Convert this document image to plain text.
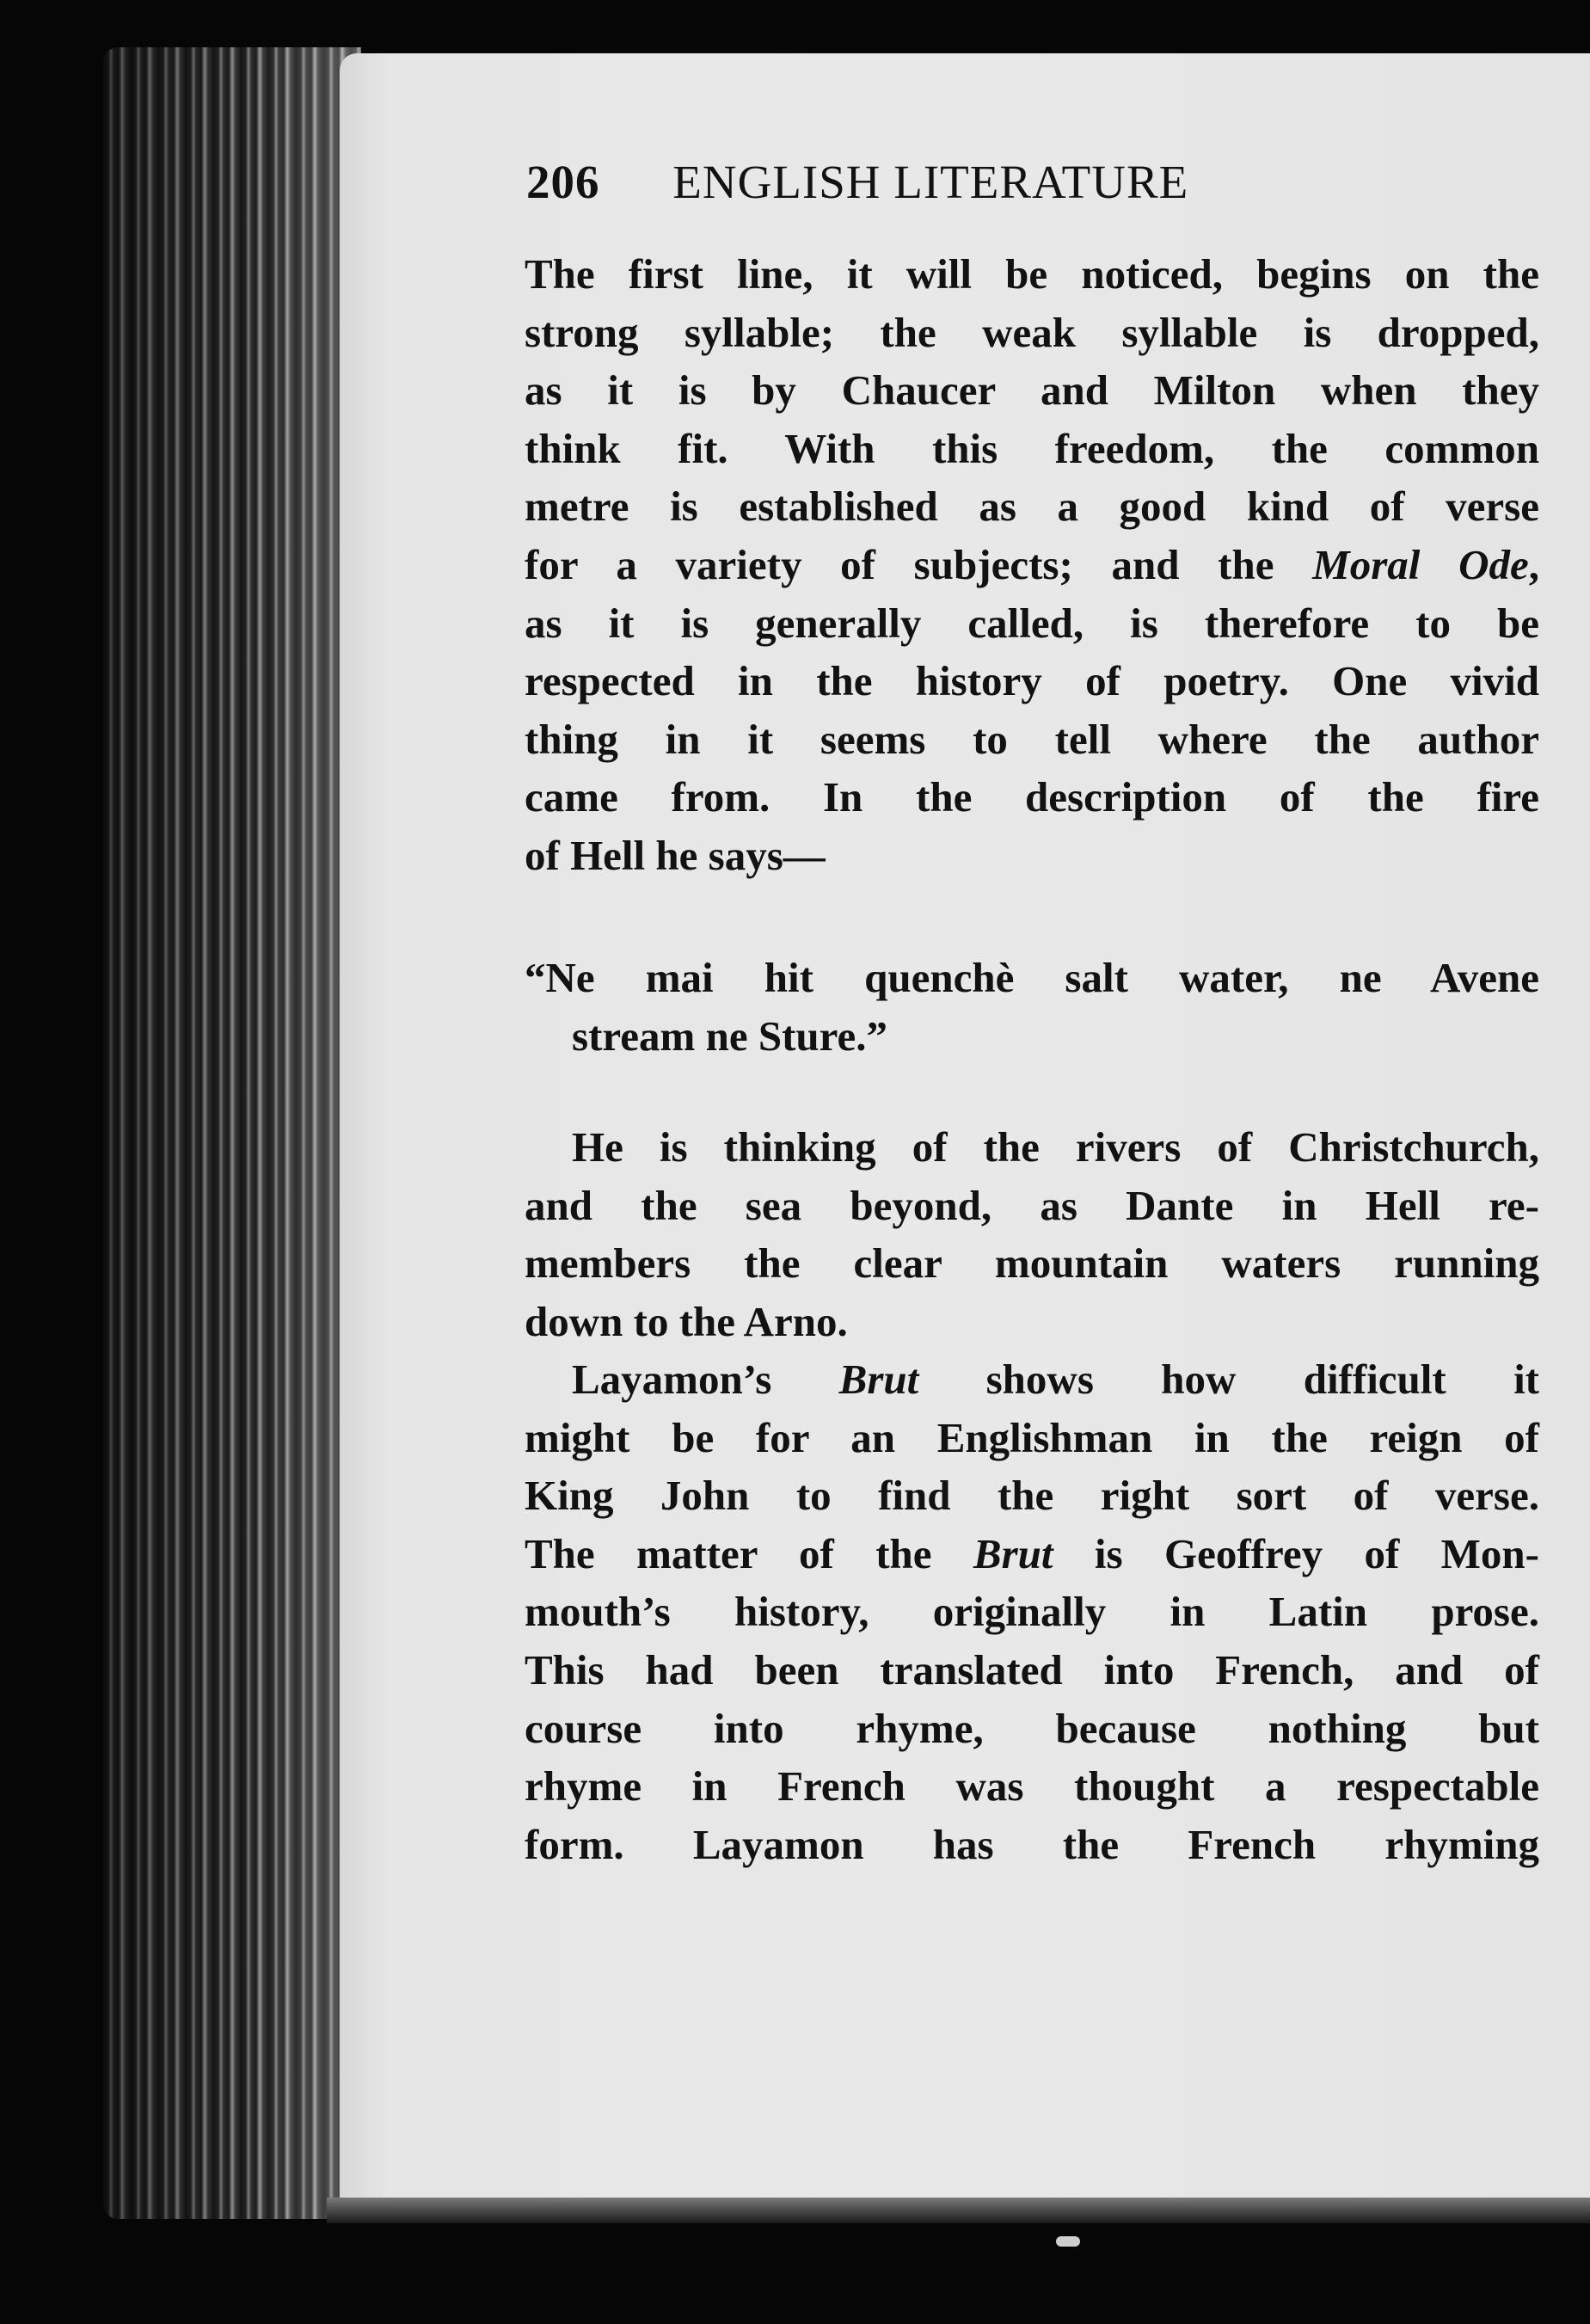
206 ENGLISH LITERATURE
The first line, it will be noticed, begins on the
strong syllable; the weak syllable is dropped,
as it is by Chaucer and Milton when they
think fit. With this freedom, the common
metre is established as a good kind of verse
for a variety of subjects; and the Moral Ode,
as it is generally called, is therefore to be
respected in the history of poetry. One vivid
thing in it seems to tell where the author
came from. In the description of the fire
of Hell he says—
“Ne mai hit quenchè salt water, ne Avene
stream ne Sture.”
He is thinking of the rivers of Christchurch,
and the sea beyond, as Dante in Hell re-
members the clear mountain waters running
down to the Arno.
Layamon’s Brut shows how difficult it
might be for an Englishman in the reign of
King John to find the right sort of verse.
The matter of the Brut is Geoffrey of Mon-
mouth’s history, originally in Latin prose.
This had been translated into French, and of
course into rhyme, because nothing but
rhyme in French was thought a respectable
form. Layamon has the French rhyming
